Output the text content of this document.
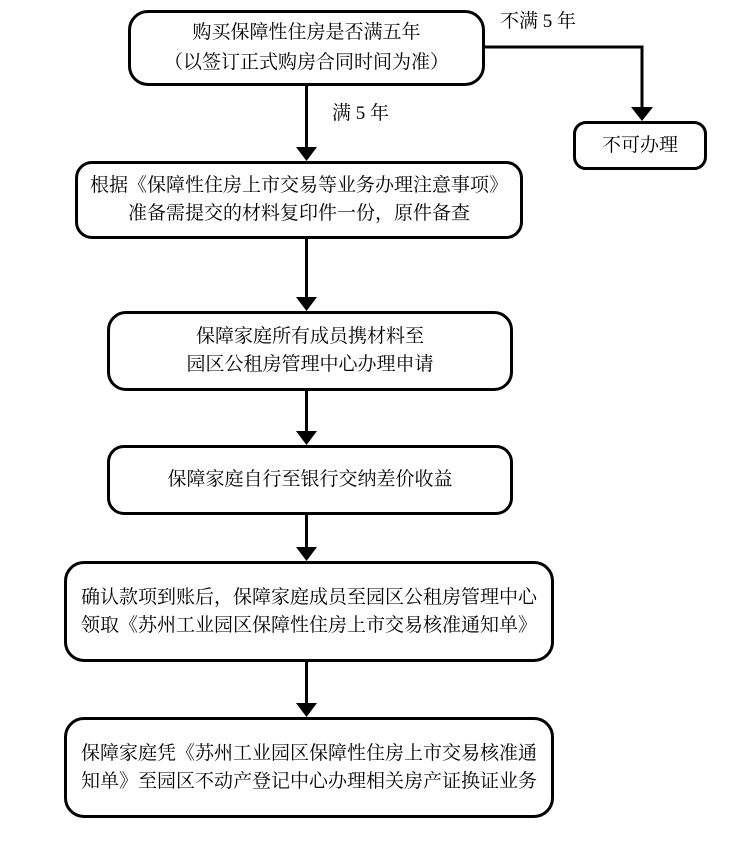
不满 5 年
满 5 年
购买保障性住房是否满五年
（以签订正式购房合同时间为准）
不可办理
根据《保障性住房上市交易等业务办理注意事项》
准备需提交的材料复印件一份，原件备查
保障家庭所有成员携材料至
园区公租房管理中心办理申请
保障家庭自行至银行交纳差价收益
确认款项到账后，保障家庭成员至园区公租房管理中心
领取《苏州工业园区保障性住房上市交易核准通知单》
保障家庭凭《苏州工业园区保障性住房上市交易核准通
知单》至园区不动产登记中心办理相关房产证换证业务
